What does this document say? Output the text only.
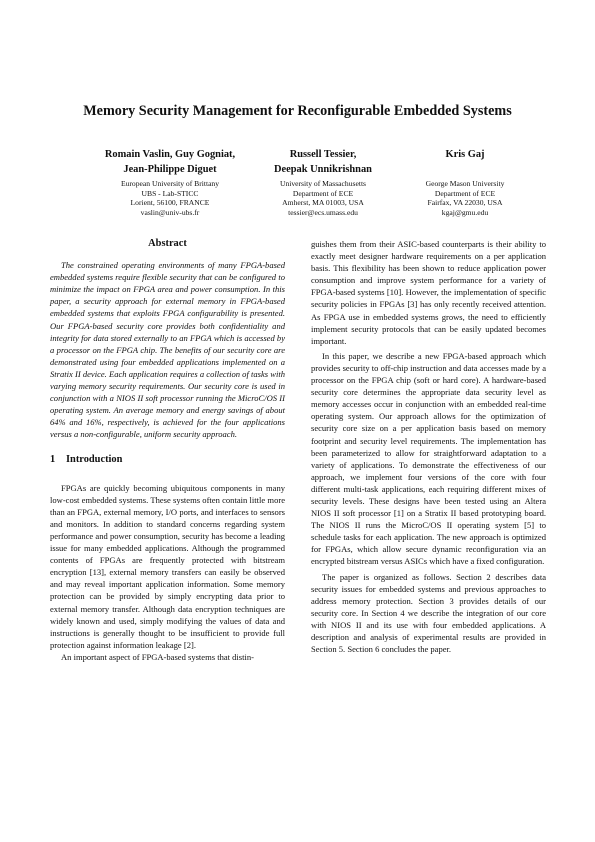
Memory Security Management for Reconfigurable Embedded Systems
Romain Vaslin, Guy Gogniat,
Jean-Philippe Diguet
European University of Brittany
UBS - Lab-STICC
Lorient, 56100, FRANCE
vaslin@univ-ubs.fr
Russell Tessier,
Deepak Unnikrishnan
University of Massachusetts
Department of ECE
Amherst, MA 01003, USA
tessier@ecs.umass.edu
Kris Gaj
George Mason University
Department of ECE
Fairfax, VA 22030, USA
kgaj@gmu.edu
Abstract

The constrained operating environments of many FPGA-based embedded systems require flexible security that can be configured to minimize the impact on FPGA area and power consumption. In this paper, a security approach for external memory in FPGA-based embedded systems that exploits FPGA configurability is presented. Our FPGA-based security core provides both confidentiality and integrity for data stored externally to an FPGA which is accessed by a processor on the FPGA chip. The benefits of our security core are demonstrated using four embedded applications implemented on a Stratix II device. Each application requires a collection of tasks with varying memory security requirements. Our security core is used in conjunction with a NIOS II soft processor running the MicroC/OS II operating system. An average memory and energy savings of about 64% and 16%, respectively, is achieved for the four applications versus a non-configurable, uniform security approach.

1 Introduction

FPGAs are quickly becoming ubiquitous components in many low-cost embedded systems. These systems often contain little more than an FPGA, external memory, I/O ports, and interfaces to sensors and monitors. In addition to standard concerns regarding system performance and power consumption, security has become a leading issue for many embedded applications. Although the programmed contents of FPGAs are frequently protected with bitstream encryption [13], external memory transfers can easily be observed and may reveal important application information. Some memory protection can be provided by simply encrypting data prior to external memory transfer. Although data encryption techniques are widely known and used, simply modifying the values of data and instructions is generally thought to be insufficient to provide full protection against information leakage [2].

An important aspect of FPGA-based systems that distin-

guishes them from their ASIC-based counterparts is their ability to exactly meet designer hardware requirements on a per application basis. This flexibility has been shown to reduce application power consumption and improve system performance for a variety of FPGA-based systems [10]. However, the implementation of specific security policies in FPGAs [3] has only recently received attention. As FPGA use in embedded systems grows, the need to efficiently implement security protocols that can be easily updated becomes important.

In this paper, we describe a new FPGA-based approach which provides security to off-chip instruction and data accesses made by a processor on the FPGA chip (soft or hard core). A hardware-based security core determines the appropriate data security level as memory accesses occur in conjunction with an embedded real-time operating system. Our approach allows for the optimization of security core size on a per application basis based on memory footprint and security level requirements. The implementation has been parameterized to allow for straightforward adaptation to a variety of applications. To demonstrate the effectiveness of our approach, we implement four versions of the core with four different multi-task applications, each requiring different mixes of security levels. These designs have been tested using an Altera NIOS II soft processor [1] on a Stratix II based prototyping board. The NIOS II runs the MicroC/OS II operating system [5] to schedule tasks for each application. The new approach is optimized for FPGAs, which allow secure dynamic reconfiguration via an encrypted bitstream versus ASICs which have a fixed configuration.

The paper is organized as follows. Section 2 describes data security issues for embedded systems and previous approaches to address memory protection. Section 3 provides details of our security core. In Section 4 we describe the integration of our core with NIOS II and its use with four embedded applications. A description and analysis of experimental results are provided in Section 5. Section 6 concludes the paper.
